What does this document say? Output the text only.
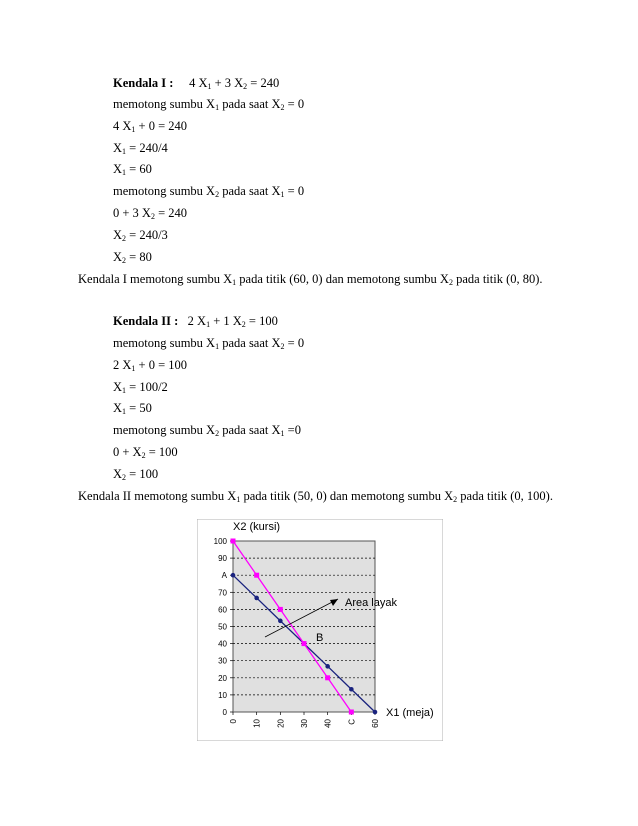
Kendala I : 4 $X_1 + 3$ $X_2 = 240$
memotong sumbu $X_1$ pada saat $X_2 = 0$
4 $X_1 + 0 = 240$
$X_1 = 240/4$
$X_1 = 60$
memotong sumbu $X_2$ pada saat $X_1 = 0$
0 + 3 $X_2 = 240$
$X_2 = 240/3$
$X_2 = 80$
Kendala I memotong sumbu $X_1$ pada titik (60, 0) dan memotong sumbu $X_2$ pada titik (0, 80).
Kendala II : 2 $X_1 + 1$ $X_2 = 100$
memotong sumbu $X_1$ pada saat $X_2 = 0$
2 $X_1 + 0 = 100$
$X_1 = 100/2$
$X_1 = 50$
memotong sumbu $X_2$ pada saat $X_1 =0$
$0 + X_2 = 100$
$X_2 = 100$
Kendala II memotong sumbu $X_1$ pada titik (50, 0) dan memotong sumbu $X_2$ pada titik (0, 100).
0
10
20
30
40
50
60
70
A
90
100
0 10 20 30 40 C 60
X2 (kursi)
X1 (meja)
Area layak
B
